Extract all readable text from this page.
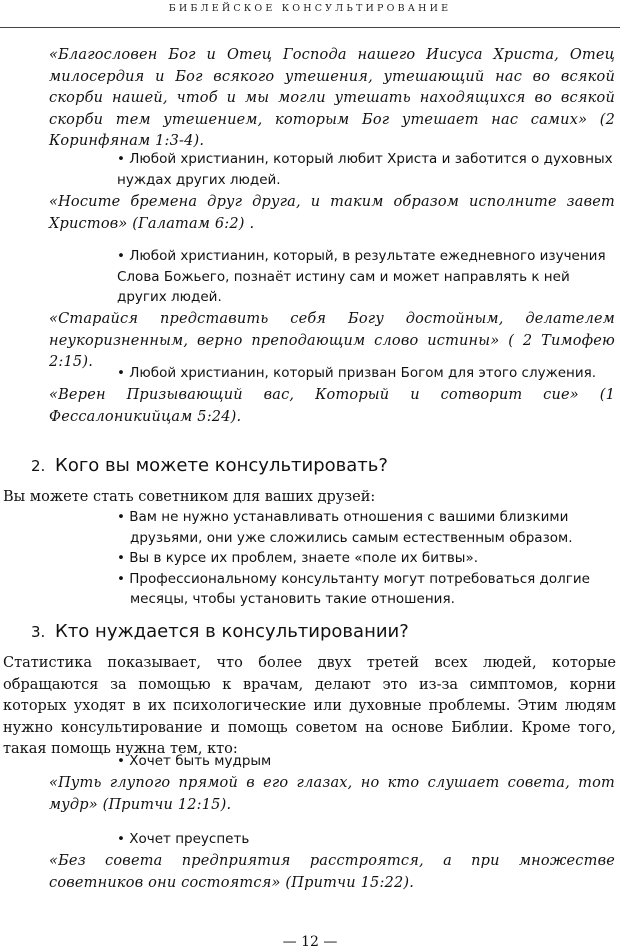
БИБЛЕЙСКОЕ КОНСУЛЬТИРОВАНИЕ

«Благословен Бог и Отец Господа нашего Иисуса Христа, Отец милосердия и Бог всякого утешения, утешающий нас во всякой скорби нашей, чтоб и мы могли утешать находящихся во всякой скорби тем утешением, которым Бог утешает нас самих» (2 Коринфянам 1:3-4).

• Любой христианин, который любит Христа и заботится о духовных нуждах других людей.

«Носите бремена друг друга, и таким образом исполните завет Христов» (Галатам 6:2) .

• Любой христианин, который, в результате ежедневного изучения Слова Божьего, познаёт истину сам и может направлять к ней других людей.

«Старайся представить себя Богу достойным, делателем неукоризненным, верно преподающим слово истины» ( 2 Тимофею 2:15).

• Любой христианин, который призван Богом для этого служения.

«Верен Призывающий вас, Который и сотворит сие» (1 Фессалоникийцам 5:24).

2. Кого вы можете консультировать?

Вы можете стать советником для ваших друзей:

• Вам не нужно устанавливать отношения с вашими близкими друзьями, они уже сложились самым естественным образом.
• Вы в курсе их проблем, знаете «поле их битвы».
• Профессиональному консультанту могут потребоваться долгие месяцы, чтобы установить такие отношения.
3. Кто нуждается в консультировании?

Статистика показывает, что более двух третей всех людей, которые обращаются за помощью к врачам, делают это из-за симптомов, корни которых уходят в их психологические или духовные проблемы. Этим людям нужно консультирование и помощь советом на основе Библии. Кроме того, такая помощь нужна тем, кто:

• Хочет быть мудрым

«Путь глупого прямой в его глазах, но кто слушает совета, тот мудр» (Притчи 12:15).

• Хочет преуспеть

«Без совета предприятия расстроятся, а при множестве советников они состоятся» (Притчи 15:22).

— 12 —
